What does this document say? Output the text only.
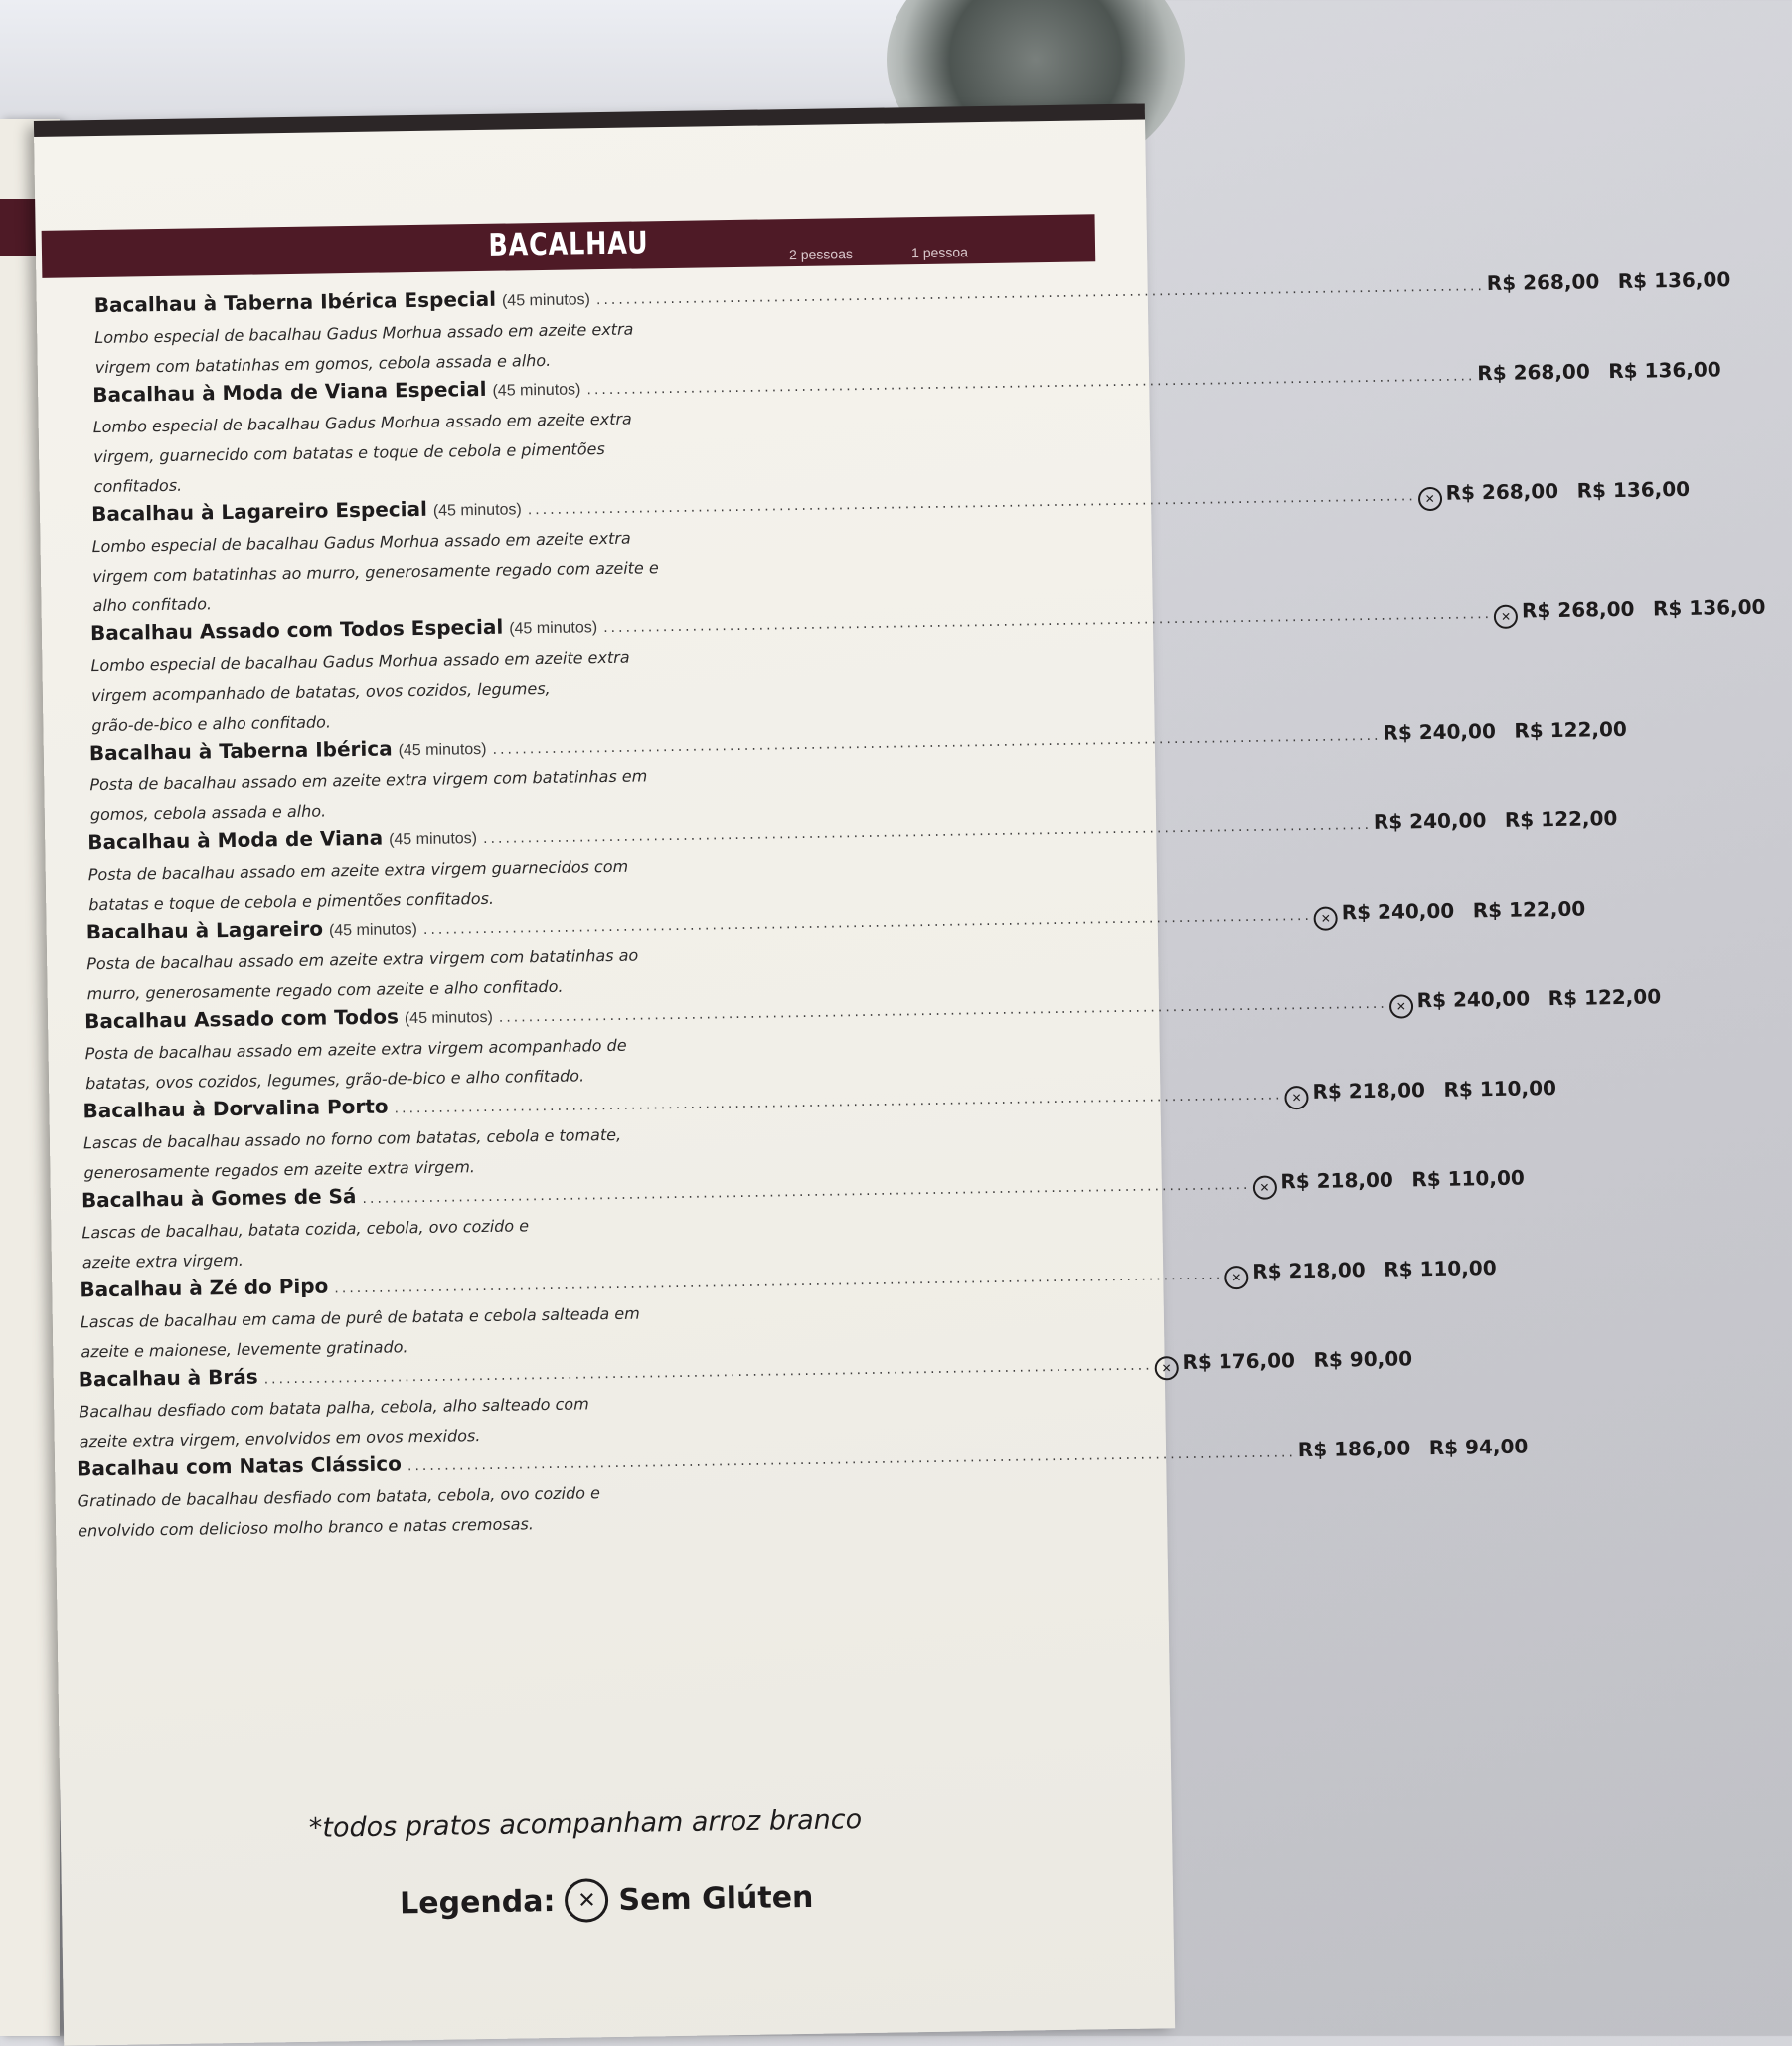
BACALHAU	2 pessoas	1 pessoa
Bacalhau à Taberna Ibérica Especial (45 minutos) ........................................................................................................................ R$ 268,00 R$ 136,00
Lombo especial de bacalhau Gadus Morhua assado em azeite extra
virgem com batatinhas em gomos, cebola assada e alho.
Bacalhau à Moda de Viana Especial (45 minutos) ........................................................................................................................ R$ 268,00 R$ 136,00
Lombo especial de bacalhau Gadus Morhua assado em azeite extra
virgem, guarnecido com batatas e toque de cebola e pimentões
confitados.
Bacalhau à Lagareiro Especial (45 minutos) ........................................................................................................................ ✕ R$ 268,00 R$ 136,00
Lombo especial de bacalhau Gadus Morhua assado em azeite extra
virgem com batatinhas ao murro, generosamente regado com azeite e
alho confitado.
Bacalhau Assado com Todos Especial (45 minutos) ........................................................................................................................ ✕ R$ 268,00 R$ 136,00
Lombo especial de bacalhau Gadus Morhua assado em azeite extra
virgem acompanhado de batatas, ovos cozidos, legumes,
grão-de-bico e alho confitado.
Bacalhau à Taberna Ibérica (45 minutos) ........................................................................................................................ R$ 240,00 R$ 122,00
Posta de bacalhau assado em azeite extra virgem com batatinhas em
gomos, cebola assada e alho.
Bacalhau à Moda de Viana (45 minutos) ........................................................................................................................ R$ 240,00 R$ 122,00
Posta de bacalhau assado em azeite extra virgem guarnecidos com
batatas e toque de cebola e pimentões confitados.
Bacalhau à Lagareiro (45 minutos) ........................................................................................................................ ✕ R$ 240,00 R$ 122,00
Posta de bacalhau assado em azeite extra virgem com batatinhas ao
murro, generosamente regado com azeite e alho confitado.
Bacalhau Assado com Todos (45 minutos) ........................................................................................................................ ✕ R$ 240,00 R$ 122,00
Posta de bacalhau assado em azeite extra virgem acompanhado de
batatas, ovos cozidos, legumes, grão-de-bico e alho confitado.
Bacalhau à Dorvalina Porto ........................................................................................................................ ✕ R$ 218,00 R$ 110,00
Lascas de bacalhau assado no forno com batatas, cebola e tomate,
generosamente regados em azeite extra virgem.
Bacalhau à Gomes de Sá ........................................................................................................................ ✕ R$ 218,00 R$ 110,00
Lascas de bacalhau, batata cozida, cebola, ovo cozido e
azeite extra virgem.
Bacalhau à Zé do Pipo ........................................................................................................................ ✕ R$ 218,00 R$ 110,00
Lascas de bacalhau em cama de purê de batata e cebola salteada em
azeite e maionese, levemente gratinado.
Bacalhau à Brás ........................................................................................................................ ✕ R$ 176,00 R$ 90,00
Bacalhau desfiado com batata palha, cebola, alho salteado com
azeite extra virgem, envolvidos em ovos mexidos.
Bacalhau com Natas Clássico ........................................................................................................................ R$ 186,00 R$ 94,00
Gratinado de bacalhau desfiado com batata, cebola, ovo cozido e
envolvido com delicioso molho branco e natas cremosas.
*todos pratos acompanham arroz branco
Legenda:	✕ Sem Glúten
